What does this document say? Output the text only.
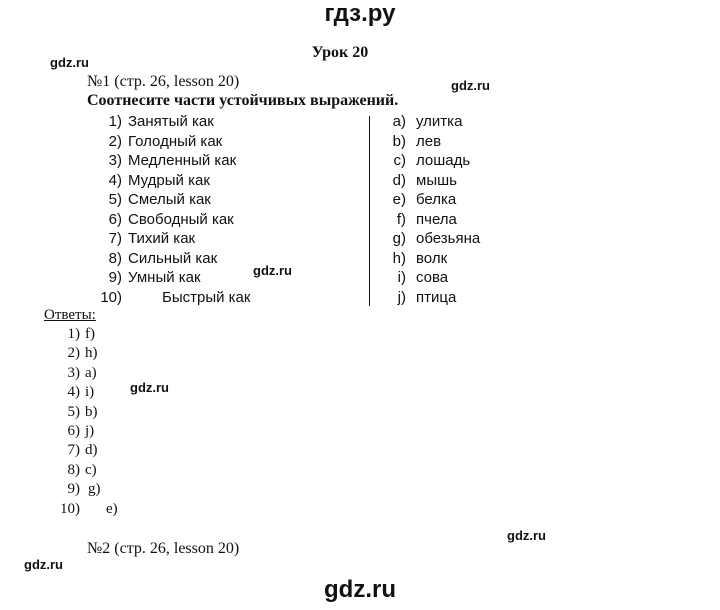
гдз.ру
gdz.ru
Урок 20
№1 (стр. 26, lesson 20)	gdz.ru
Соотнесите части устойчивых выражений.
1) Занятый как
2) Голодный как
3) Медленный как
4) Мудрый как
5) Смелый как
6) Свободный как
7) Тихий как
8) Сильный как
9) Умный как
10)	Быстрый как
a) улитка
b) лев
c) лошадь
d) мышь
e) белка
f) пчела
g) обезьяна
h) волк
i) сова
j) птица
gdz.ru
Ответы:
1) f)
2) h)
3) a)
4) i)
5) b)
6) j)
7) d)
8) c)
9) g)
10) e)
gdz.ru
gdz.ru
gdz.ru
№2 (стр. 26, lesson 20)
gdz.ru
